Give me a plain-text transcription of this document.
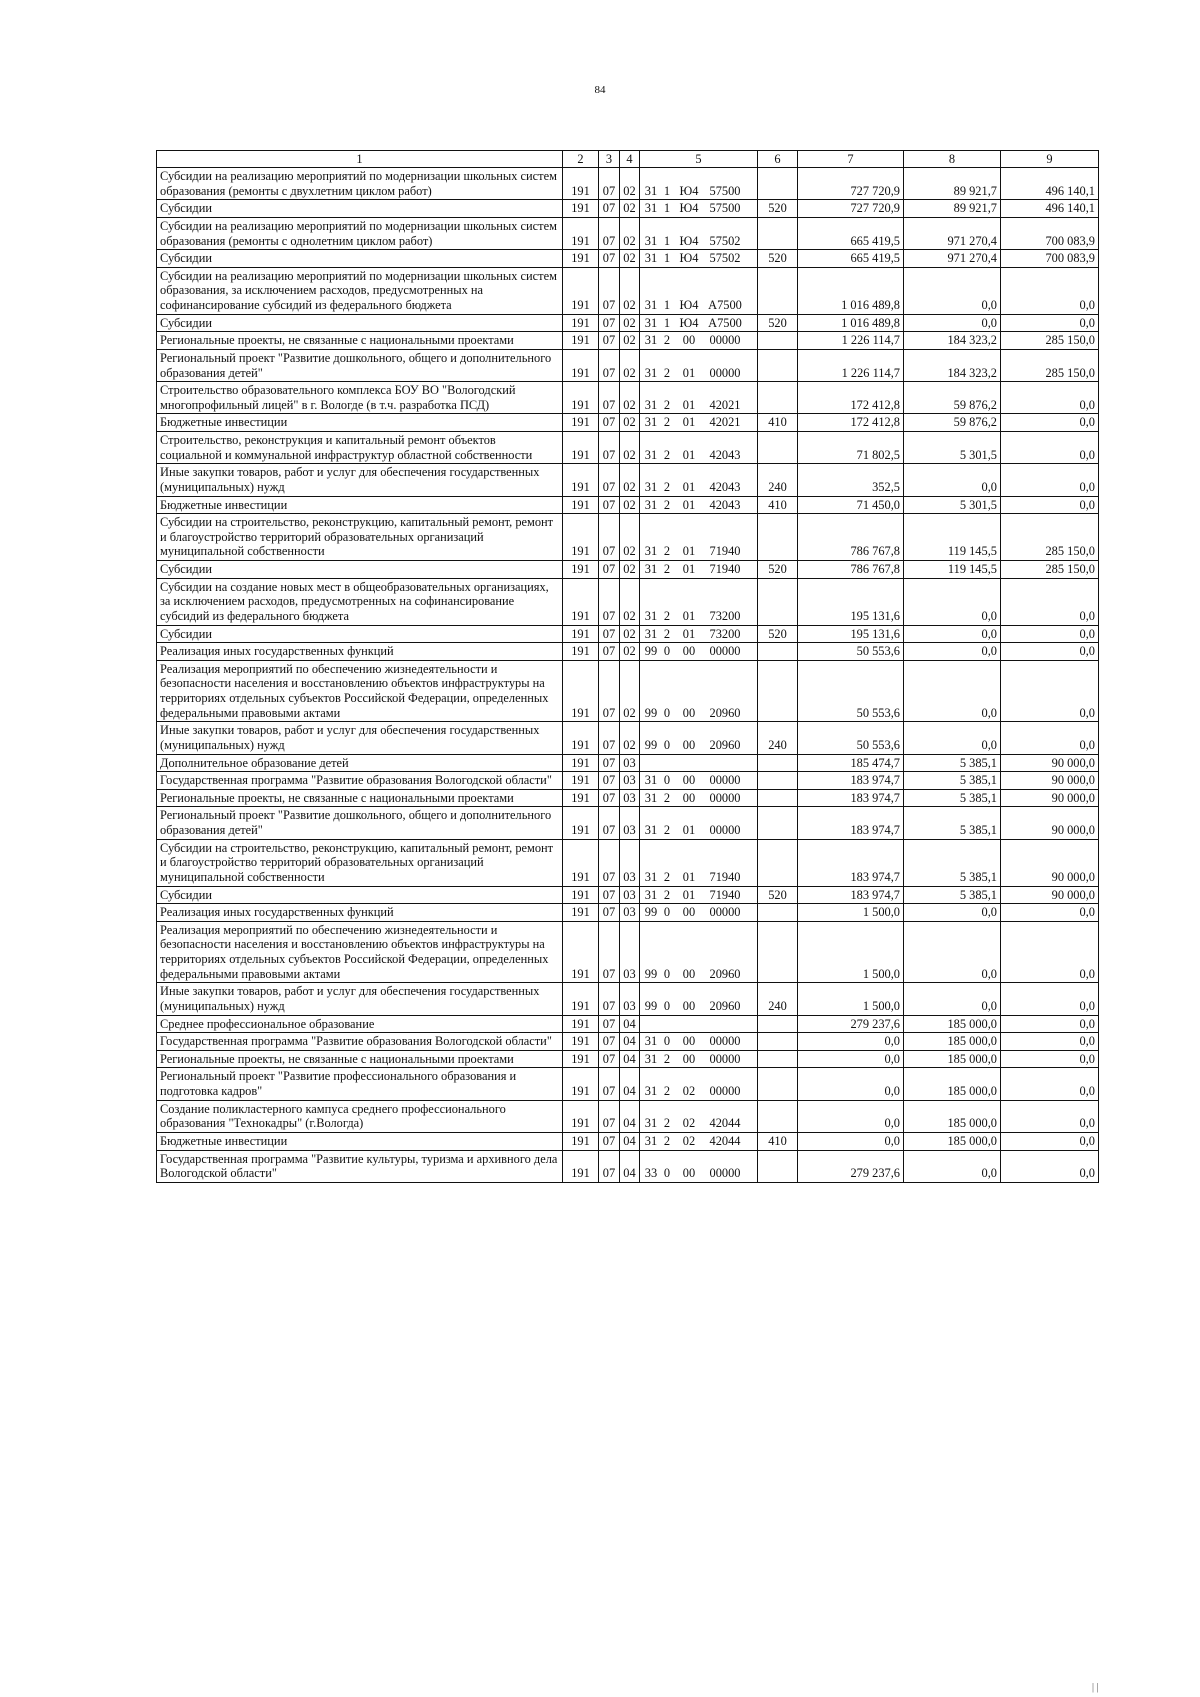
84
1	2	3	4	5	6	7	8	9
Субсидии на реализацию мероприятий по модернизации школьных систем образования (ремонты с двухлетним циклом работ)	191	07	02	31 1 Ю4 57500		727 720,9	89 921,7	496 140,1
Субсидии	191	07	02	31 1 Ю4 57500	520	727 720,9	89 921,7	496 140,1
Субсидии на реализацию мероприятий по модернизации школьных систем образования (ремонты с однолетним циклом работ)	191	07	02	31 1 Ю4 57502		665 419,5	971 270,4	700 083,9
Субсидии	191	07	02	31 1 Ю4 57502	520	665 419,5	971 270,4	700 083,9
Субсидии на реализацию мероприятий по модернизации школьных систем образования, за исключением расходов, предусмотренных на софинансирование субсидий из федерального бюджета	191	07	02	31 1 Ю4 А7500		1 016 489,8	0,0	0,0
Субсидии	191	07	02	31 1 Ю4 А7500	520	1 016 489,8	0,0	0,0
Региональные проекты, не связанные с национальными проектами	191	07	02	31 2 00 00000		1 226 114,7	184 323,2	285 150,0
Региональный проект "Развитие дошкольного, общего и дополнительного образования детей"	191	07	02	31 2 01 00000		1 226 114,7	184 323,2	285 150,0
Строительство образовательного комплекса БОУ ВО "Вологодский многопрофильный лицей" в г. Вологде (в т.ч. разработка ПСД)	191	07	02	31 2 01 42021		172 412,8	59 876,2	0,0
Бюджетные инвестиции	191	07	02	31 2 01 42021	410	172 412,8	59 876,2	0,0
Строительство, реконструкция и капитальный ремонт объектов социальной и коммунальной инфраструктур областной собственности	191	07	02	31 2 01 42043		71 802,5	5 301,5	0,0
Иные закупки товаров, работ и услуг для обеспечения государственных (муниципальных) нужд	191	07	02	31 2 01 42043	240	352,5	0,0	0,0
Бюджетные инвестиции	191	07	02	31 2 01 42043	410	71 450,0	5 301,5	0,0
Субсидии на строительство, реконструкцию, капитальный ремонт, ремонт и благоустройство территорий образовательных организаций муниципальной собственности	191	07	02	31 2 01 71940		786 767,8	119 145,5	285 150,0
Субсидии	191	07	02	31 2 01 71940	520	786 767,8	119 145,5	285 150,0
Субсидии на создание новых мест в общеобразовательных организациях, за исключением расходов, предусмотренных на софинансирование субсидий из федерального бюджета	191	07	02	31 2 01 73200		195 131,6	0,0	0,0
Субсидии	191	07	02	31 2 01 73200	520	195 131,6	0,0	0,0
Реализация иных государственных функций	191	07	02	99 0 00 00000		50 553,6	0,0	0,0
Реализация мероприятий по обеспечению жизнедеятельности и безопасности населения и восстановлению объектов инфраструктуры на территориях отдельных субъектов Российской Федерации, определенных федеральными правовыми актами	191	07	02	99 0 00 20960		50 553,6	0,0	0,0
Иные закупки товаров, работ и услуг для обеспечения государственных (муниципальных) нужд	191	07	02	99 0 00 20960	240	50 553,6	0,0	0,0
Дополнительное образование детей	191	07	03			185 474,7	5 385,1	90 000,0
Государственная программа "Развитие образования Вологодской области"	191	07	03	31 0 00 00000		183 974,7	5 385,1	90 000,0
Региональные проекты, не связанные с национальными проектами	191	07	03	31 2 00 00000		183 974,7	5 385,1	90 000,0
Региональный проект "Развитие дошкольного, общего и дополнительного образования детей"	191	07	03	31 2 01 00000		183 974,7	5 385,1	90 000,0
Субсидии на строительство, реконструкцию, капитальный ремонт, ремонт и благоустройство территорий образовательных организаций муниципальной собственности	191	07	03	31 2 01 71940		183 974,7	5 385,1	90 000,0
Субсидии	191	07	03	31 2 01 71940	520	183 974,7	5 385,1	90 000,0
Реализация иных государственных функций	191	07	03	99 0 00 00000		1 500,0	0,0	0,0
Реализация мероприятий по обеспечению жизнедеятельности и безопасности населения и восстановлению объектов инфраструктуры на территориях отдельных субъектов Российской Федерации, определенных федеральными правовыми актами	191	07	03	99 0 00 20960		1 500,0	0,0	0,0
Иные закупки товаров, работ и услуг для обеспечения государственных (муниципальных) нужд	191	07	03	99 0 00 20960	240	1 500,0	0,0	0,0
Среднее профессиональное образование	191	07	04			279 237,6	185 000,0	0,0
Государственная программа "Развитие образования Вологодской области"	191	07	04	31 0 00 00000		0,0	185 000,0	0,0
Региональные проекты, не связанные с национальными проектами	191	07	04	31 2 00 00000		0,0	185 000,0	0,0
Региональный проект "Развитие профессионального образования и подготовка кадров"	191	07	04	31 2 02 00000		0,0	185 000,0	0,0
Создание поликластерного кампуса среднего профессионального образования "Технокадры" (г.Вологда)	191	07	04	31 2 02 42044		0,0	185 000,0	0,0
Бюджетные инвестиции	191	07	04	31 2 02 42044	410	0,0	185 000,0	0,0
Государственная программа "Развитие культуры, туризма и архивного дела Вологодской области"	191	07	04	33 0 00 00000		279 237,6	0,0	0,0
| |
